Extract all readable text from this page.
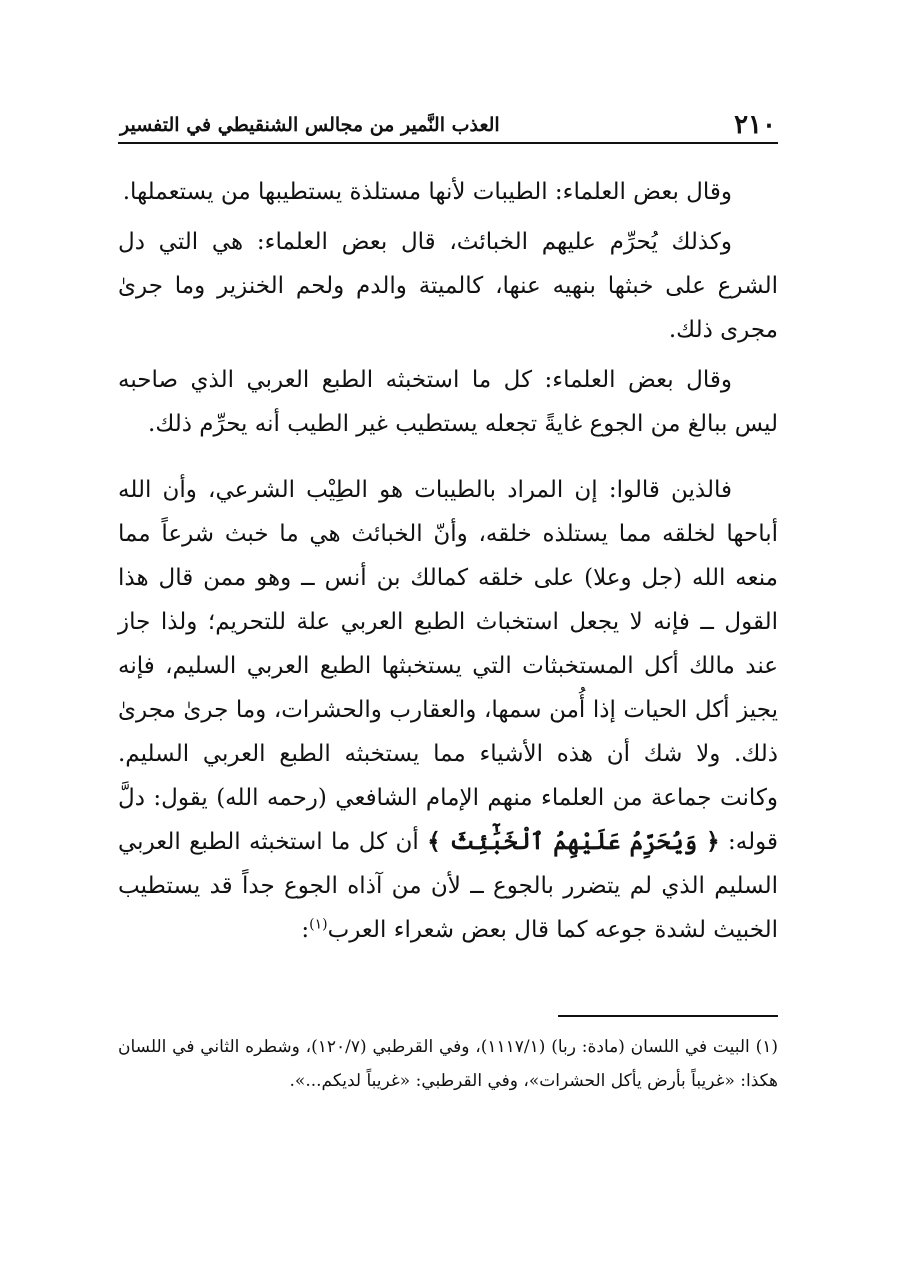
٢١٠
العذب النَّمير من مجالس الشنقيطي في التفسير

وقال بعض العلماء: الطيبات لأنها مستلذة يستطيبها من يستعملها.

وكذلك يُحرِّم عليهم الخبائث، قال بعض العلماء: هي التي دل الشرع على خبثها بنهيه عنها، كالميتة والدم ولحم الخنزير وما جرىٰ مجرى ذلك.

وقال بعض العلماء: كل ما استخبثه الطبع العربي الذي صاحبه ليس ببالغ من الجوع غايةً تجعله يستطيب غير الطيب أنه يحرِّم ذلك.

فالذين قالوا: إن المراد بالطيبات هو الطِيْب الشرعي، وأن الله أباحها لخلقه مما يستلذه خلقه، وأنّ الخبائث هي ما خبث شرعاً مما منعه الله (جل وعلا) على خلقه كمالك بن أنس ــ وهو ممن قال هذا القول ــ فإنه لا يجعل استخباث الطبع العربي علة للتحريم؛ ولذا جاز عند مالك أكل المستخبثات التي يستخبثها الطبع العربي السليم، فإنه يجيز أكل الحيات إذا أُمن سمها، والعقارب والحشرات، وما جرىٰ مجرىٰ ذلك. ولا شك أن هذه الأشياء مما يستخبثه الطبع العربي السليم. وكانت جماعة من العلماء منهم الإمام الشافعي (رحمه الله) يقول: دلَّ قوله: ﴿ وَيُحَرِّمُ عَلَيْهِمُ ٱلْخَبَٰٓئِثَ ﴾ أن كل ما استخبثه الطبع العربي السليم الذي لم يتضرر بالجوع ــ لأن من آذاه الجوع جداً قد يستطيب الخبيث لشدة جوعه كما قال بعض شعراء العرب$^{(١)}$:

(١) البيت في اللسان (مادة: ربا) (١١١٧/١)، وفي القرطبي (١٢٠/٧)، وشطره الثاني في اللسان هكذا: «غريباً بأرض يأكل الحشرات»، وفي القرطبي: «غريباً لديكم...».
